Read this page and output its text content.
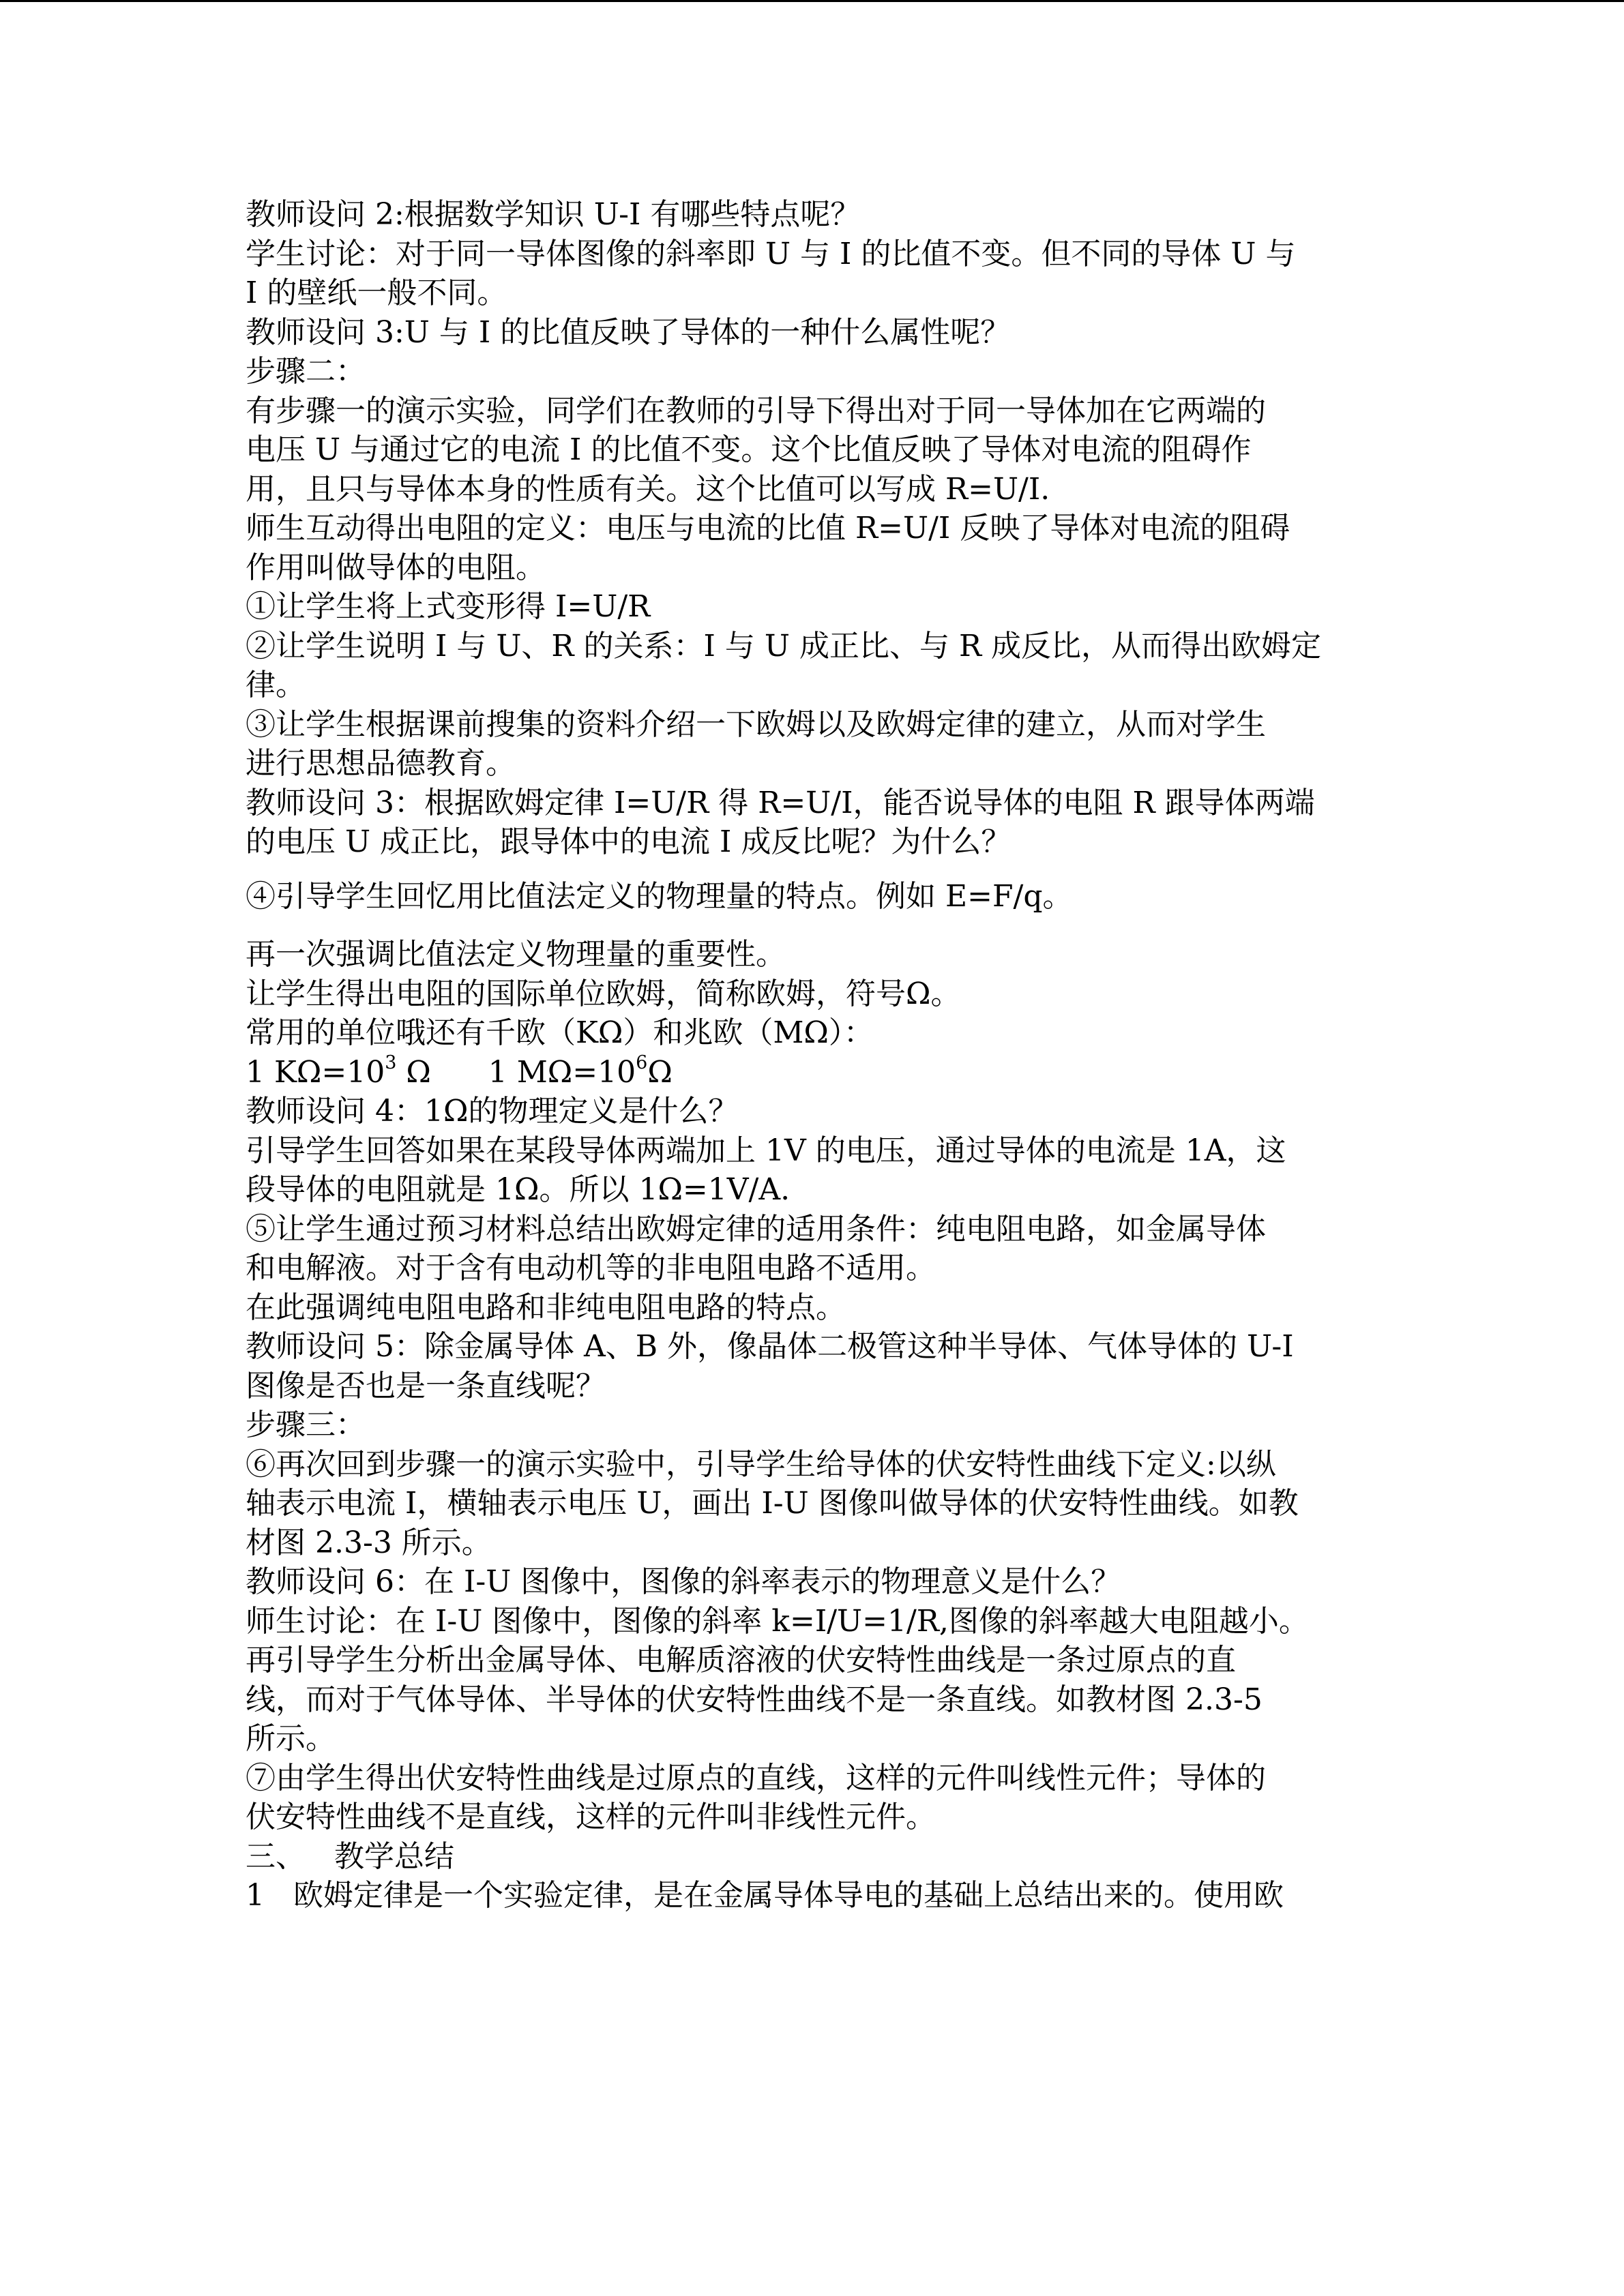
教师设问 2:根据数学知识 U-I 有哪些特点呢？
学生讨论：对于同一导体图像的斜率即 U 与 I 的比值不变。但不同的导体 U 与
I 的壁纸一般不同。
教师设问 3:U 与 I 的比值反映了导体的一种什么属性呢？
步骤二：
有步骤一的演示实验，同学们在教师的引导下得出对于同一导体加在它两端的
电压 U 与通过它的电流 I 的比值不变。这个比值反映了导体对电流的阻碍作
用，且只与导体本身的性质有关。这个比值可以写成 R=U/I.
师生互动得出电阻的定义：电压与电流的比值 R=U/I 反映了导体对电流的阻碍
作用叫做导体的电阻。
①让学生将上式变形得 I=U/R
②让学生说明 I 与 U、R 的关系：I 与 U 成正比、与 R 成反比，从而得出欧姆定
律。
③让学生根据课前搜集的资料介绍一下欧姆以及欧姆定律的建立，从而对学生
进行思想品德教育。
教师设问 3：根据欧姆定律 I=U/R 得 R=U/I，能否说导体的电阻 R 跟导体两端
的电压 U 成正比，跟导体中的电流 I 成反比呢？为什么？
④引导学生回忆用比值法定义的物理量的特点。例如 E=F/q。
再一次强调比值法定义物理量的重要性。
让学生得出电阻的国际单位欧姆，简称欧姆，符号Ω。
常用的单位哦还有千欧（KΩ）和兆欧（MΩ）：
1 $K\Omega=10^3$ Ω      1 $M\Omega=10^6\Omega$
教师设问 4：1Ω的物理定义是什么？
引导学生回答如果在某段导体两端加上 1V 的电压，通过导体的电流是 1A，这
段导体的电阻就是 1Ω。所以 1Ω=1V/A.
⑤让学生通过预习材料总结出欧姆定律的适用条件：纯电阻电路，如金属导体
和电解液。对于含有电动机等的非电阻电路不适用。
在此强调纯电阻电路和非纯电阻电路的特点。
教师设问 5：除金属导体 A、B 外，像晶体二极管这种半导体、气体导体的 U-I
图像是否也是一条直线呢？
步骤三：
⑥再次回到步骤一的演示实验中，引导学生给导体的伏安特性曲线下定义:以纵
轴表示电流 I，横轴表示电压 U，画出 I-U 图像叫做导体的伏安特性曲线。如教
材图 2.3-3 所示。
教师设问 6：在 I-U 图像中，图像的斜率表示的物理意义是什么？
师生讨论：在 I-U 图像中，图像的斜率 k=I/U=1/R,图像的斜率越大电阻越小。
再引导学生分析出金属导体、电解质溶液的伏安特性曲线是一条过原点的直
线，而对于气体导体、半导体的伏安特性曲线不是一条直线。如教材图 2.3-5
所示。
⑦由学生得出伏安特性曲线是过原点的直线，这样的元件叫线性元件；导体的
伏安特性曲线不是直线，这样的元件叫非线性元件。
三、   教学总结
1   欧姆定律是一个实验定律，是在金属导体导电的基础上总结出来的。使用欧
